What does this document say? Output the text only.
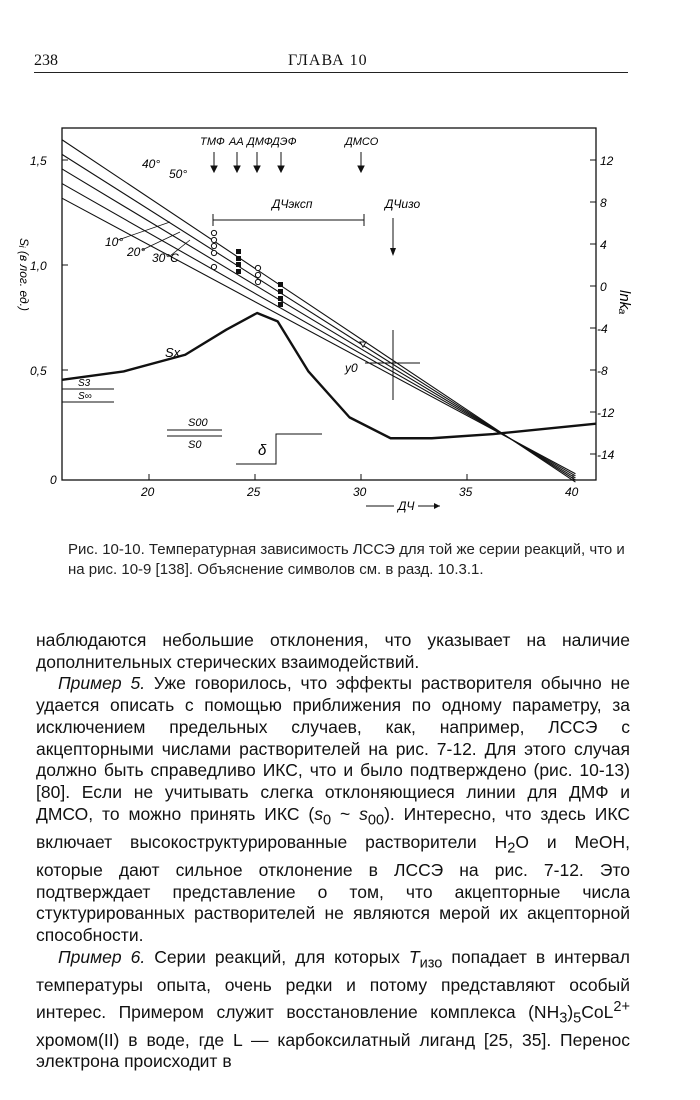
238	ГЛАВА 10
1,5
1,0
0,5
0
Sᵢ (в лог. ед.)
12
8
4
0
-4
-8
-12
-14
lnkₐ
20	25	30	35	40
ДЧ
ТМФ АА ДМФ ДЭФ	ДМСО
40°
50°
10°
20° 30°C
ДЧэксп	ДЧизо
y0
Sx
S3
S∞
S00
S0	δ
Рис. 10-10. Температурная зависимость ЛССЭ для той же серии реакций, что и на рис. 10-9 [138]. Объяснение символов см. в разд. 10.3.1.

наблюдаются небольшие отклонения, что указывает на наличие дополнительных стерических взаимодействий.

Пример 5. Уже говорилось, что эффекты растворителя обычно не удается описать с помощью приближения по одному параметру, за исключением предельных случаев, как, например, ЛССЭ с акцепторными числами растворителей на рис. 7-12. Для этого случая должно быть справедливо ИКС, что и было подтверждено (рис. 10-13) [80]. Если не учитывать слегка отклоняющиеся линии для ДМФ и ДМСО, то можно принять ИКС ($s_0$ ~ $s_{00}$). Интересно, что здесь ИКС включает высокоструктурированные растворители $H_2O$ и MeOH, которые дают сильное отклонение в ЛССЭ на рис. 7-12. Это подтверждает представление о том, что акцепторные числа стуктурированных растворителей не являются мерой их акцепторной способности.

Пример 6. Серии реакций, для которых $T_{изо}$ попадает в интервал температуры опыта, очень редки и потому представляют особый интерес. Примером служит восстановление комплекса $(NH_3)_5CoL^{2+}$ хромом(II) в воде, где L — карбоксилатный лиганд [25, 35]. Перенос электрона происходит в
